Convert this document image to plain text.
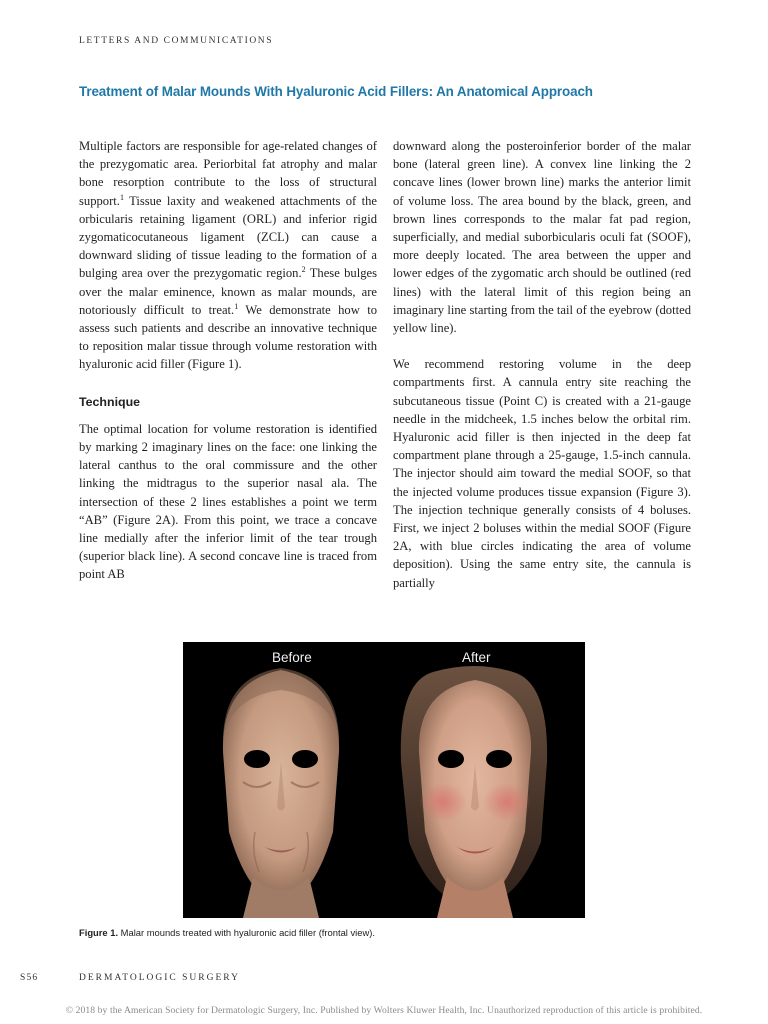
LETTERS AND COMMUNICATIONS
Treatment of Malar Mounds With Hyaluronic Acid Fillers: An Anatomical Approach

Multiple factors are responsible for age-related changes of the prezygomatic area. Periorbital fat atrophy and malar bone resorption contribute to the loss of structural support.$^1$ Tissue laxity and weakened attachments of the orbicularis retaining ligament (ORL) and inferior rigid zygomaticocutaneous ligament (ZCL) can cause a downward sliding of tissue leading to the formation of a bulging area over the prezygomatic region.$^2$ These bulges over the malar eminence, known as malar mounds, are notoriously difficult to treat.$^1$ We demonstrate how to assess such patients and describe an innovative technique to reposition malar tissue through volume restoration with hyaluronic acid filler (Figure 1).

Technique

The optimal location for volume restoration is identified by marking 2 imaginary lines on the face: one linking the lateral canthus to the oral commissure and the other linking the midtragus to the superior nasal ala. The intersection of these 2 lines establishes a point we term “AB” (Figure 2A). From this point, we trace a concave line medially after the inferior limit of the tear trough (superior black line). A second concave line is traced from point AB

downward along the posteroinferior border of the malar bone (lateral green line). A convex line linking the 2 concave lines (lower brown line) marks the anterior limit of volume loss. The area bound by the black, green, and brown lines corresponds to the malar fat pad region, superficially, and medial suborbicularis oculi fat (SOOF), more deeply located. The area between the upper and lower edges of the zygomatic arch should be outlined (red lines) with the lateral limit of this region being an imaginary line starting from the tail of the eyebrow (dotted yellow line).

We recommend restoring volume in the deep compartments first. A cannula entry site reaching the subcutaneous tissue (Point C) is created with a 21-gauge needle in the midcheek, 1.5 inches below the orbital rim. Hyaluronic acid filler is then injected in the deep fat compartment plane through a 25-gauge, 1.5-inch cannula. The injector should aim toward the medial SOOF, so that the injected volume produces tissue expansion (Figure 3). The injection technique generally consists of 4 boluses. First, we inject 2 boluses within the medial SOOF (Figure 2A, with blue circles indicating the area of volume deposition). Using the same entry site, the cannula is partially

Before	After
Figure 1. Malar mounds treated with hyaluronic acid filler (frontal view).
S56	DERMATOLOGIC SURGERY
© 2018 by the American Society for Dermatologic Surgery, Inc. Published by Wolters Kluwer Health, Inc. Unauthorized reproduction of this article is prohibited.
